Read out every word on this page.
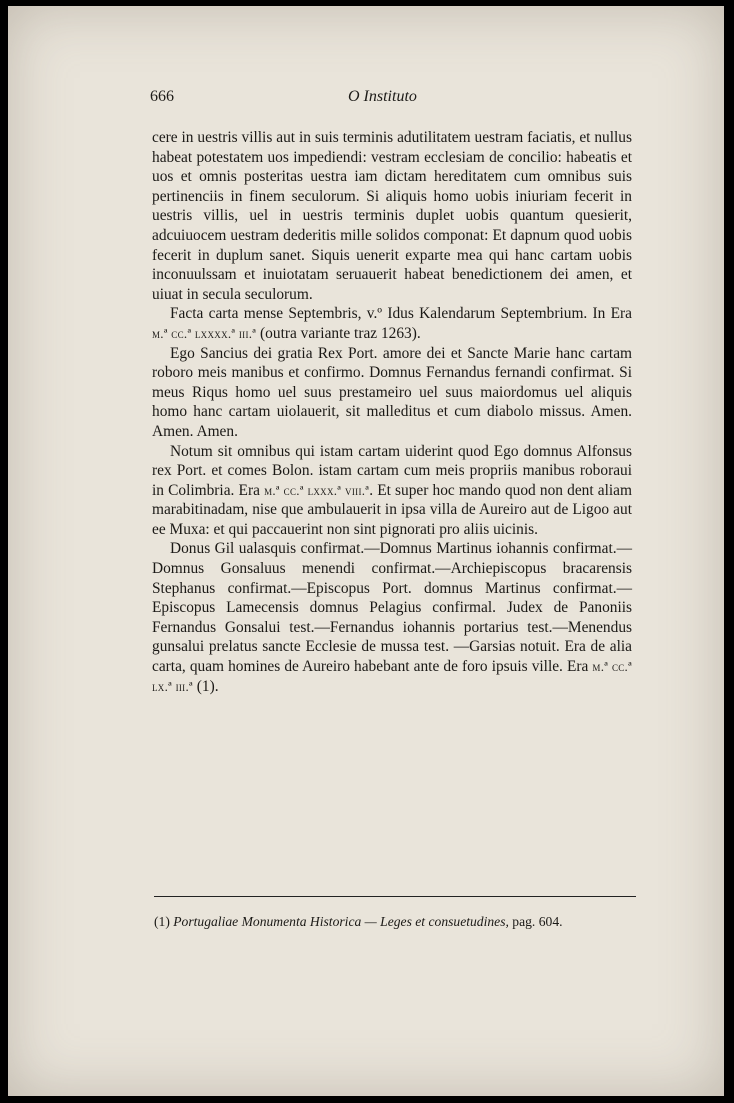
666	O Instituto

cere in uestris villis aut in suis terminis adutilitatem uestram faciatis, et nullus habeat potestatem uos impediendi: vestram ecclesiam de concilio: habeatis et uos et omnis posteritas uestra iam dictam hereditatem cum omnibus suis pertinenciis in finem seculorum. Si aliquis homo uobis iniuriam fecerit in uestris villis, uel in uestris terminis duplet uobis quantum quesierit, adcuiuocem uestram dederitis mille solidos componat: Et dapnum quod uobis fecerit in duplum sanet. Siquis uenerit exparte mea qui hanc cartam uobis inconuulssam et inuiotatam seruauerit habeat benedictionem dei amen, et uiuat in secula seculorum.

Facta carta mense Septembris, v.º Idus Kalendarum Septembrium. In Era m.ª cc.ª lxxxx.ª iii.ª (outra variante traz 1263).

Ego Sancius dei gratia Rex Port. amore dei et Sancte Marie hanc cartam roboro meis manibus et confirmo. Domnus Fernandus fernandi confirmat. Si meus Riqus homo uel suus prestameiro uel suus maiordomus uel aliquis homo hanc cartam uiolauerit, sit malleditus et cum diabolo missus. Amen. Amen. Amen.

Notum sit omnibus qui istam cartam uiderint quod Ego domnus Alfonsus rex Port. et comes Bolon. istam cartam cum meis propriis manibus roboraui in Colimbria. Era m.ª cc.ª lxxx.ª viii.ª. Et super hoc mando quod non dent aliam marabitinadam, nise que ambulauerit in ipsa villa de Aureiro aut de Ligoo aut ee Muxa: et qui paccauerint non sint pignorati pro aliis uicinis.

Donus Gil ualasquis confirmat.—Domnus Martinus iohannis confirmat.—Domnus Gonsaluus menendi confirmat.—Archiepiscopus bracarensis Stephanus confirmat.—Episcopus Port. domnus Martinus confirmat.—Episcopus Lamecensis domnus Pelagius confirmal. Judex de Panoniis Fernandus Gonsalui test.—Fernandus iohannis portarius test.—Menendus gunsalui prelatus sancte Ecclesie de mussa test. —Garsias notuit. Era de alia carta, quam homines de Aureiro habebant ante de foro ipsuis ville. Era m.ª cc.ª lx.ª iii.ª (1).

(1) Portugaliae Monumenta Historica — Leges et consuetudines, pag. 604.
